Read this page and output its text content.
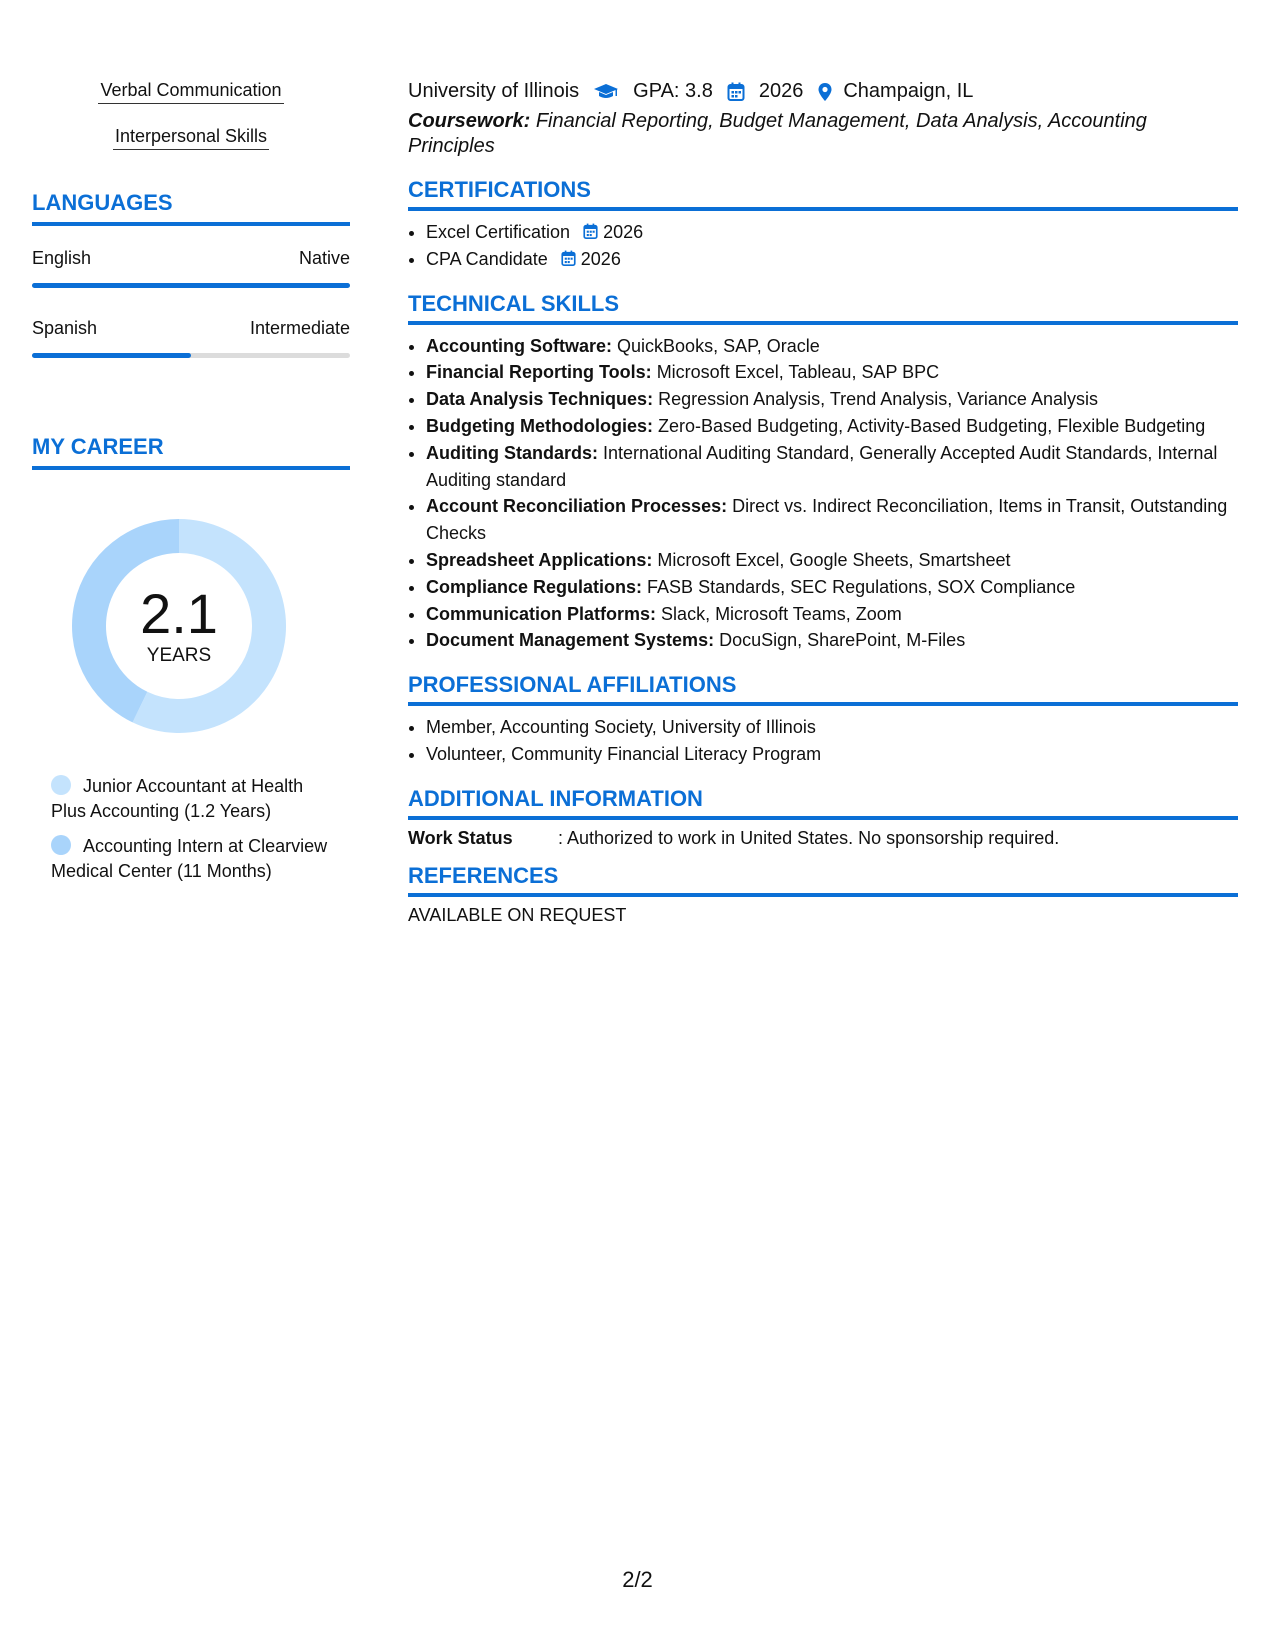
Verbal Communication
Interpersonal Skills
LANGUAGES
English	Native
Spanish	Intermediate
MY CAREER
2.1
YEARS
Junior Accountant at Health Plus Accounting (1.2 Years)
Accounting Intern at Clearview Medical Center (11 Months)
University of Illinois	GPA: 3.8 2026 Champaign, IL
Coursework: Financial Reporting, Budget Management, Data Analysis, Accounting Principles
CERTIFICATIONS
• Excel Certification 2026
• CPA Candidate 2026
TECHNICAL SKILLS
• Accounting Software: QuickBooks, SAP, Oracle
• Financial Reporting Tools: Microsoft Excel, Tableau, SAP BPC
• Data Analysis Techniques: Regression Analysis, Trend Analysis, Variance Analysis
• Budgeting Methodologies: Zero-Based Budgeting, Activity-Based Budgeting, Flexible Budgeting
• Auditing Standards: International Auditing Standard, Generally Accepted Audit Standards, Internal Auditing standard
• Account Reconciliation Processes: Direct vs. Indirect Reconciliation, Items in Transit, Outstanding Checks
• Spreadsheet Applications: Microsoft Excel, Google Sheets, Smartsheet
• Compliance Regulations: FASB Standards, SEC Regulations, SOX Compliance
• Communication Platforms: Slack, Microsoft Teams, Zoom
• Document Management Systems: DocuSign, SharePoint, M-Files
PROFESSIONAL AFFILIATIONS
• Member, Accounting Society, University of Illinois
• Volunteer, Community Financial Literacy Program
ADDITIONAL INFORMATION
Work Status	: Authorized to work in United States. No sponsorship required.
REFERENCES
AVAILABLE ON REQUEST
2/2
